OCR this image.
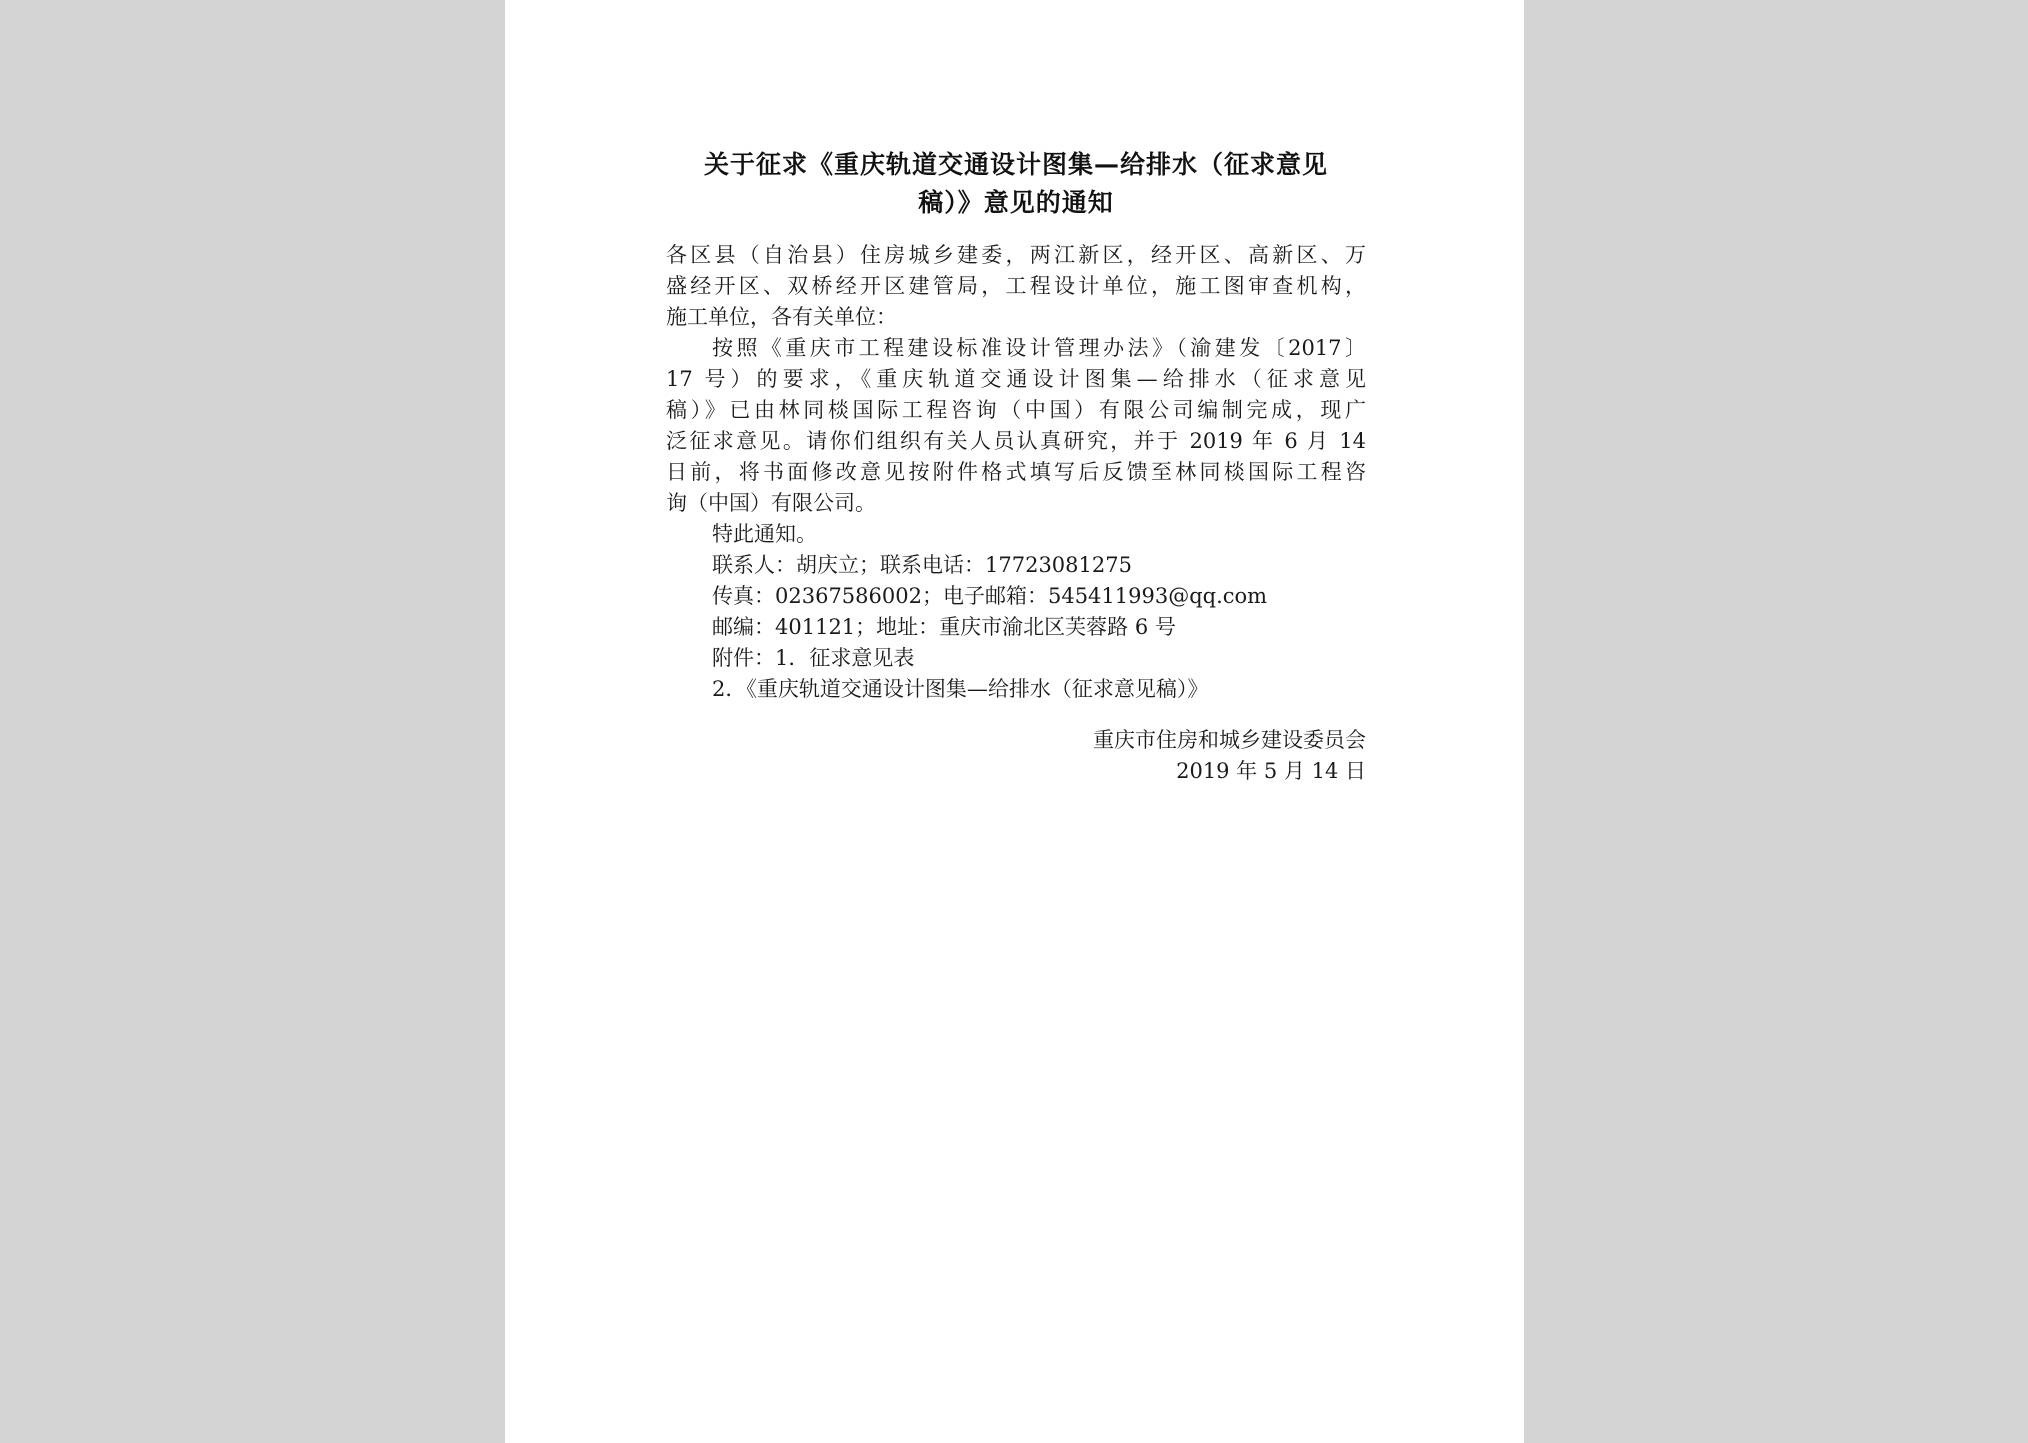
关于征求《重庆轨道交通设计图集—给排水（征求意见
稿）》意见的通知

各区县（自治县）住房城乡建委，两江新区，经开区、高新区、万

盛经开区、双桥经开区建管局，工程设计单位，施工图审查机构，

施工单位，各有关单位：

按照《重庆市工程建设标准设计管理办法》（渝建发〔2017〕

17 号）的要求，《重庆轨道交通设计图集—给排水（征求意见

稿）》已由林同棪国际工程咨询（中国）有限公司编制完成，现广

泛征求意见。请你们组织有关人员认真研究，并于 2019 年 6 月 14

日前，将书面修改意见按附件格式填写后反馈至林同棪国际工程咨

询（中国）有限公司。

特此通知。

联系人：胡庆立；联系电话：17723081275

传真：02367586002；电子邮箱：545411993@qq.com

邮编：401121；地址：重庆市渝北区芙蓉路 6 号

附件：1．征求意见表

2．《重庆轨道交通设计图集—给排水（征求意见稿）》

重庆市住房和城乡建设委员会
2019 年 5 月 14 日
